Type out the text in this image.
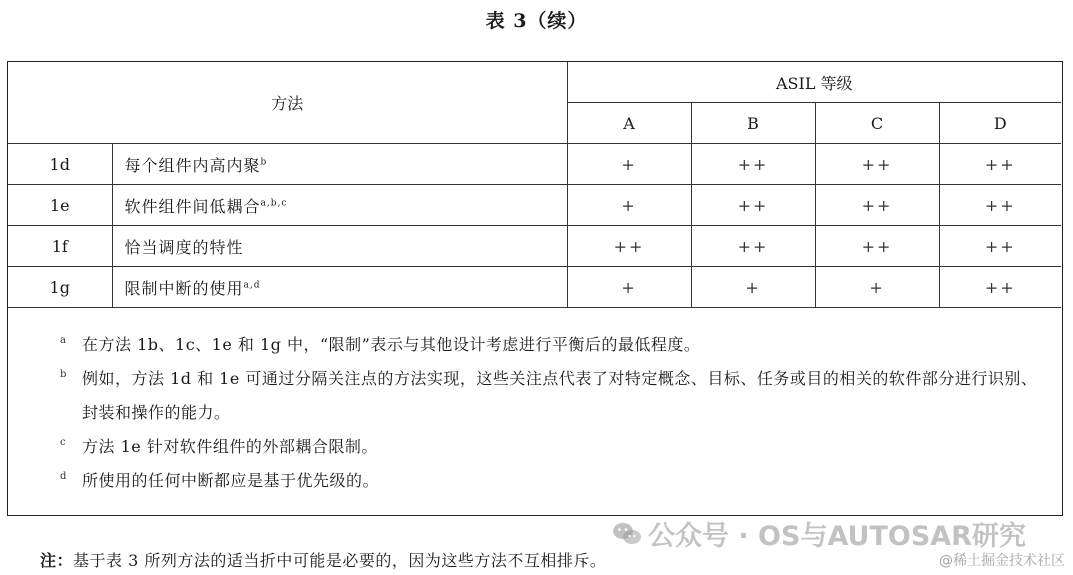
表 3（续）
方法		ASIL 等级			
		A	B	C	D
1d	每个组件内高内聚$^b$	+	++	++	++
1e	软件组件间低耦合$^{a,b,c}$	+	++	++	++
1f	恰当调度的特性	++	++	++	++
1g	限制中断的使用$^{a,d}$	+	+	+	++
a 在方法 1b、1c、1e 和 1g 中，“限制”表示与其他设计考虑进行平衡后的最低程度。
b 例如，方法 1d 和 1e 可通过分隔关注点的方法实现，这些关注点代表了对特定概念、目标、任务或目的相关的软件部分进行识别、封装和操作的能力。
c 方法 1e 针对软件组件的外部耦合限制。
d 所使用的任何中断都应是基于优先级的。
公众号 · OS与AUTOSAR研究
注：基于表 3 所列方法的适当折中可能是必要的，因为这些方法不互相排斥。	@稀土掘金技术社区
